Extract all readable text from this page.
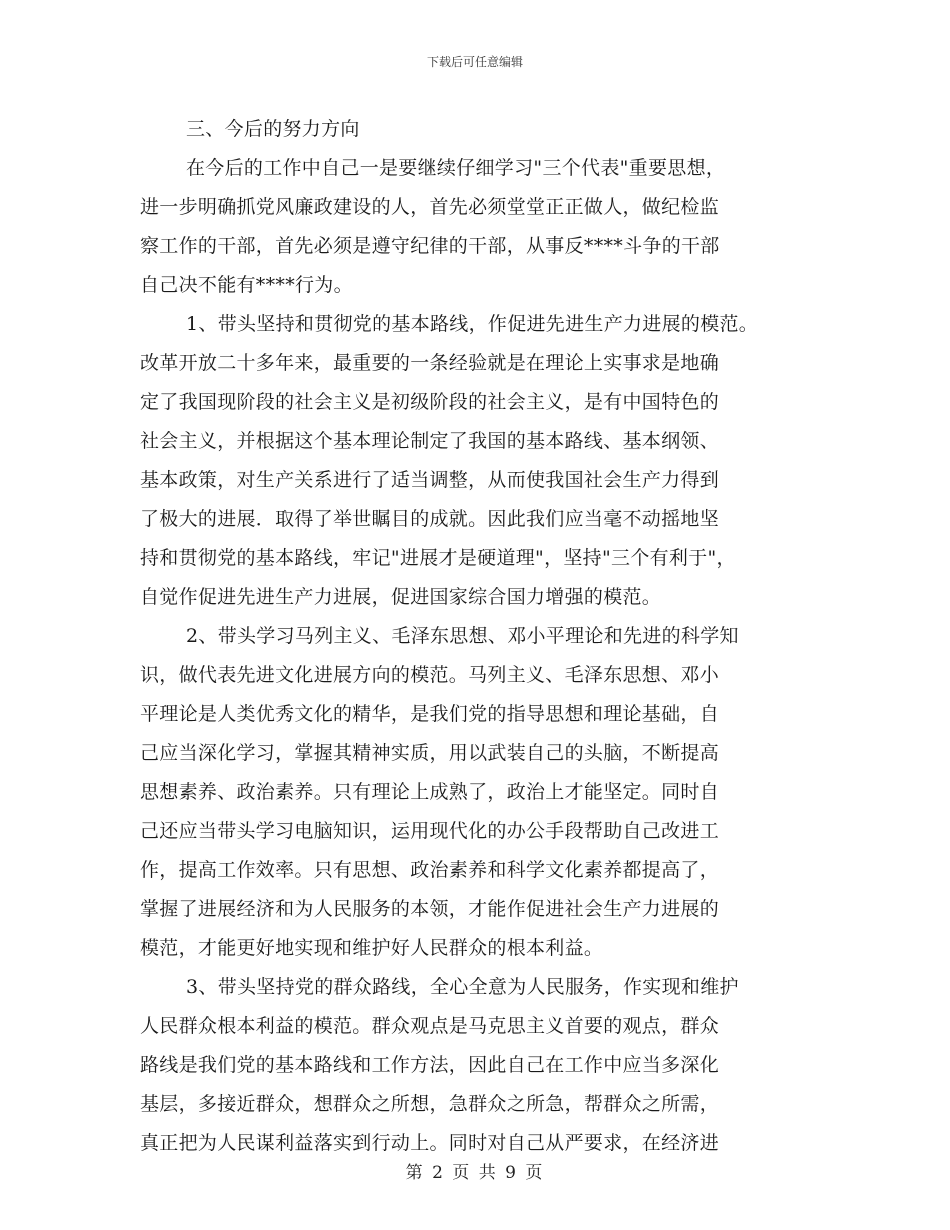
下载后可任意编辑
三、今后的努力方向
在今后的工作中自己一是要继续仔细学习"三个代表"重要思想，
进一步明确抓党风廉政建设的人，首先必须堂堂正正做人，做纪检监
察工作的干部，首先必须是遵守纪律的干部，从事反****斗争的干部
自己决不能有****行为。
1、带头坚持和贯彻党的基本路线，作促进先进生产力进展的模范。
改革开放二十多年来，最重要的一条经验就是在理论上实事求是地确
定了我国现阶段的社会主义是初级阶段的社会主义，是有中国特色的
社会主义，并根据这个基本理论制定了我国的基本路线、基本纲领、
基本政策，对生产关系进行了适当调整，从而使我国社会生产力得到
了极大的进展．取得了举世瞩目的成就。因此我们应当毫不动摇地坚
持和贯彻党的基本路线，牢记"进展才是硬道理"，坚持"三个有利于"，
自觉作促进先进生产力进展，促进国家综合国力增强的模范。
2、带头学习马列主义、毛泽东思想、邓小平理论和先进的科学知
识，做代表先进文化进展方向的模范。马列主义、毛泽东思想、邓小
平理论是人类优秀文化的精华，是我们党的指导思想和理论基础，自
己应当深化学习，掌握其精神实质，用以武装自己的头脑，不断提高
思想素养、政治素养。只有理论上成熟了，政治上才能坚定。同时自
己还应当带头学习电脑知识，运用现代化的办公手段帮助自己改进工
作，提高工作效率。只有思想、政治素养和科学文化素养都提高了，
掌握了进展经济和为人民服务的本领，才能作促进社会生产力进展的
模范，才能更好地实现和维护好人民群众的根本利益。
3、带头坚持党的群众路线，全心全意为人民服务，作实现和维护
人民群众根本利益的模范。群众观点是马克思主义首要的观点，群众
路线是我们党的基本路线和工作方法，因此自己在工作中应当多深化
基层，多接近群众，想群众之所想，急群众之所急，帮群众之所需，
真正把为人民谋利益落实到行动上。同时对自己从严要求，在经济进
第 2 页 共 9 页
